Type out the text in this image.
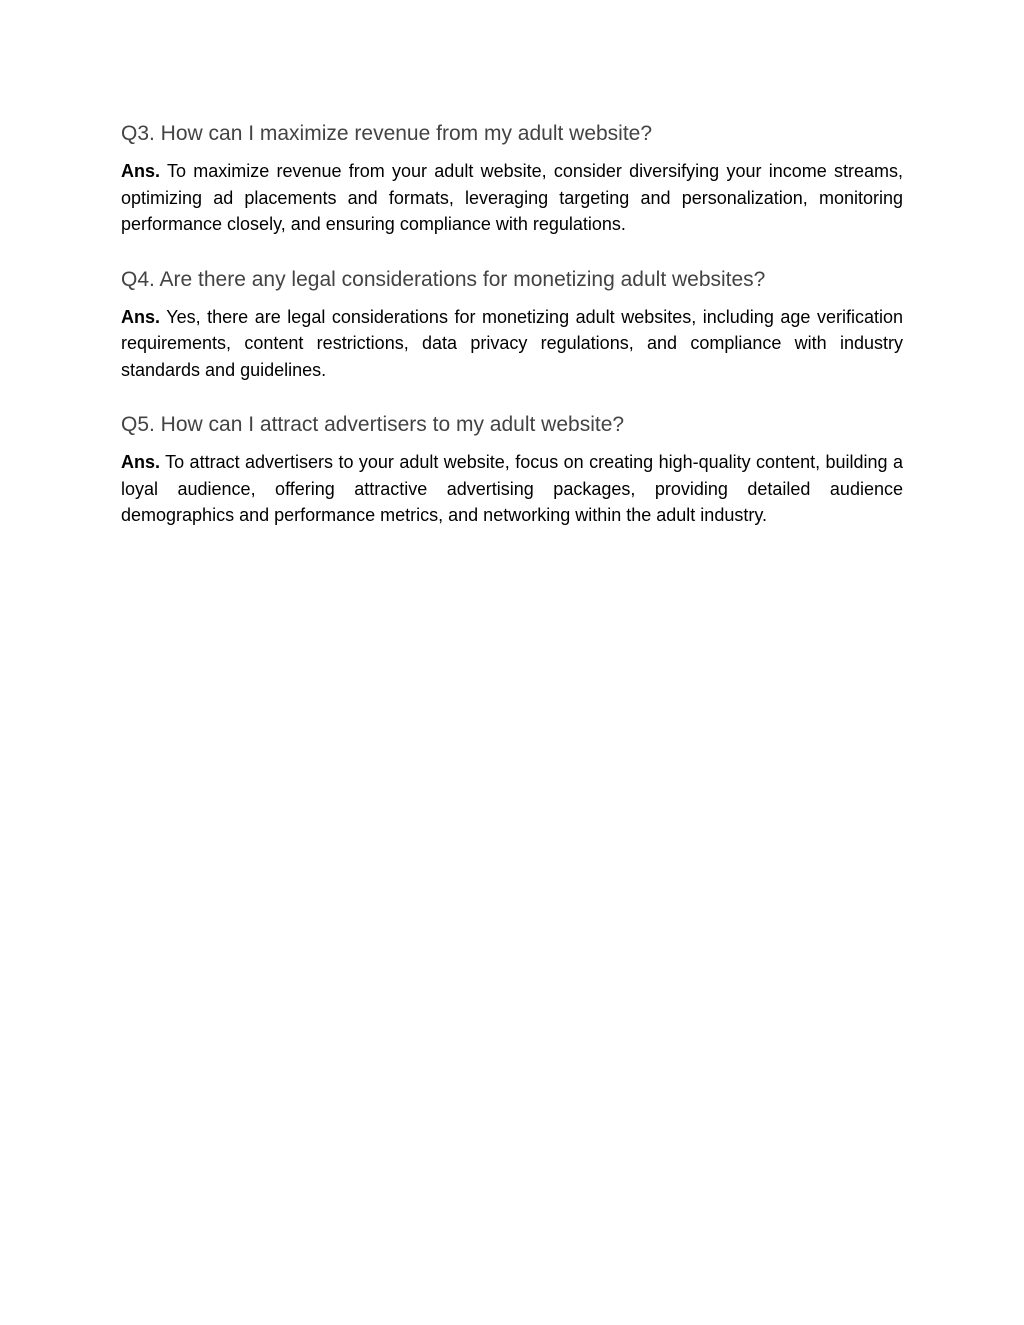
Q3. How can I maximize revenue from my adult website?

Ans. To maximize revenue from your adult website, consider diversifying your income streams, optimizing ad placements and formats, leveraging targeting and personalization, monitoring performance closely, and ensuring compliance with regulations.

Q4. Are there any legal considerations for monetizing adult websites?

Ans. Yes, there are legal considerations for monetizing adult websites, including age verification requirements, content restrictions, data privacy regulations, and compliance with industry standards and guidelines.

Q5. How can I attract advertisers to my adult website?

Ans. To attract advertisers to your adult website, focus on creating high-quality content, building a loyal audience, offering attractive advertising packages, providing detailed audience demographics and performance metrics, and networking within the adult industry.
